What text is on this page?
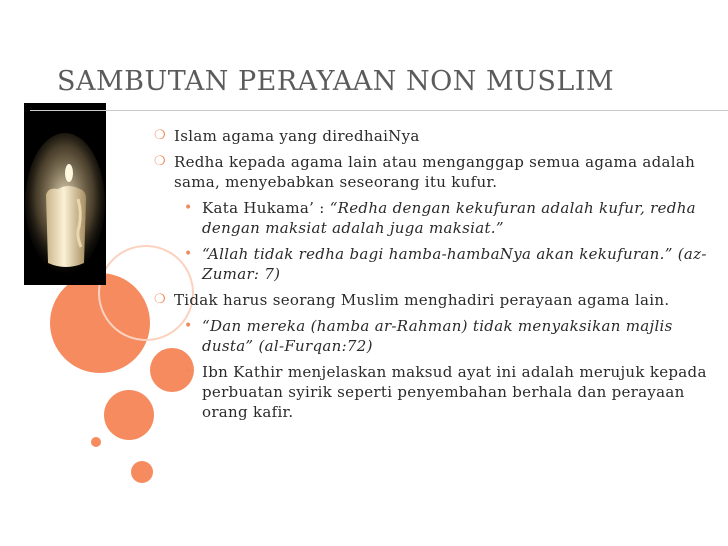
SAMBUTAN PERAYAAN NON MUSLIM
❍ Islam agama yang diredhaiNya
❍ Redha kepada agama lain atau menganggap semua agama adalah sama, menyebabkan seseorang itu kufur.
• Kata Hukama’ : “Redha dengan kekufuran adalah kufur, redha dengan maksiat adalah juga maksiat.”
• “Allah tidak redha bagi hamba-hambaNya akan kekufuran.” (az-Zumar: 7)
❍ Tidak harus seorang Muslim menghadiri perayaan agama lain.
• “Dan mereka (hamba ar-Rahman) tidak menyaksikan majlis dusta” (al-Furqan:72)
• Ibn Kathir menjelaskan maksud ayat ini adalah merujuk kepada perbuatan syirik seperti penyembahan berhala dan perayaan orang kafir.
